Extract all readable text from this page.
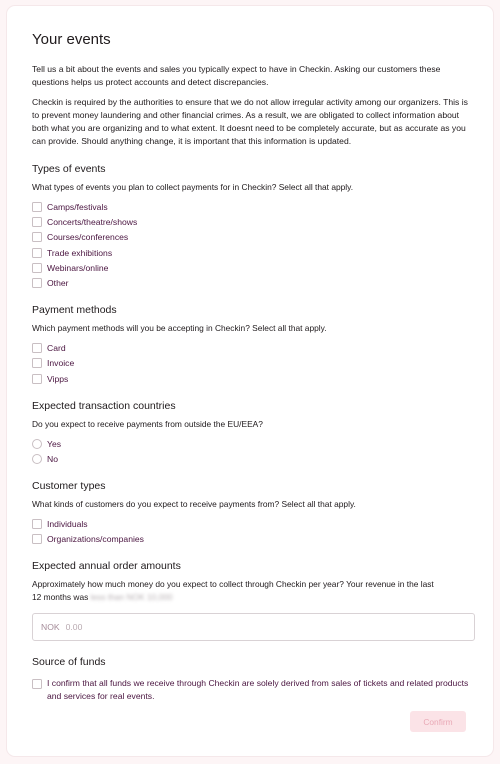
Your events

Tell us a bit about the events and sales you typically expect to have in Checkin. Asking our customers these questions helps us protect accounts and detect discrepancies.

Checkin is required by the authorities to ensure that we do not allow irregular activity among our organizers. This is to prevent money laundering and other financial crimes. As a result, we are obligated to collect information about both what you are organizing and to what extent. It doesnt need to be completely accurate, but as accurate as you can provide. Should anything change, it is important that this information is updated.

Types of events

What types of events you plan to collect payments for in Checkin? Select all that apply.

Camps/festivals
Concerts/theatre/shows
Courses/conferences
Trade exhibitions
Webinars/online
Other
Payment methods

Which payment methods will you be accepting in Checkin? Select all that apply.

Card
Invoice
Vipps
Expected transaction countries

Do you expect to receive payments from outside the EU/EEA?

Yes
No
Customer types

What kinds of customers do you expect to receive payments from? Select all that apply.

Individuals
Organizations/companies
Expected annual order amounts

Approximately how much money do you expect to collect through Checkin per year? Your revenue in the last

12 months was less than NOK 10,000

NOK 0.00
Source of funds
I confirm that all funds we receive through Checkin are solely derived from sales of tickets and related products and services for real events.
Confirm
